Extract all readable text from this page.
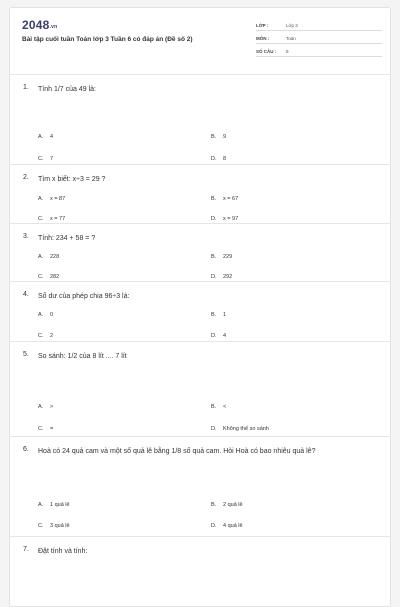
2048.vn
Bài tập cuối tuần Toán lớp 3 Tuần 6 có đáp án (Đề số 2)
LỚP :	Lớp 3
MÔN :	Toán
SỐ CÂU :	9
1.	Tính 1/7 của 49 là:
A.	4	B.	9
C.	7	D.	8
2.	Tìm x biết: x÷3 = 29 ?
A.	x = 87	B.	x = 67
C.	x = 77	D.	x = 97
3.	Tính: 234 + 58 = ?
A.	228	B.	229
C.	282	D.	292
4.	Số dư của phép chia 96÷3 là:
A.	0	B.	1
C.	2	D.	4
5.	So sánh: 1/2 của 8 lít .... 7 lít
A.	>	B.	<
C.	=	D.	Không thể so sánh
6.	Hoà có 24 quả cam và một số quả lê bằng 1/8 số quả cam. Hỏi Hoà có bao nhiêu quả lê?
A.	1 quả lê	B.	2 quả lê
C.	3 quả lê	D.	4 quả lê
7.	Đặt tính và tính:
